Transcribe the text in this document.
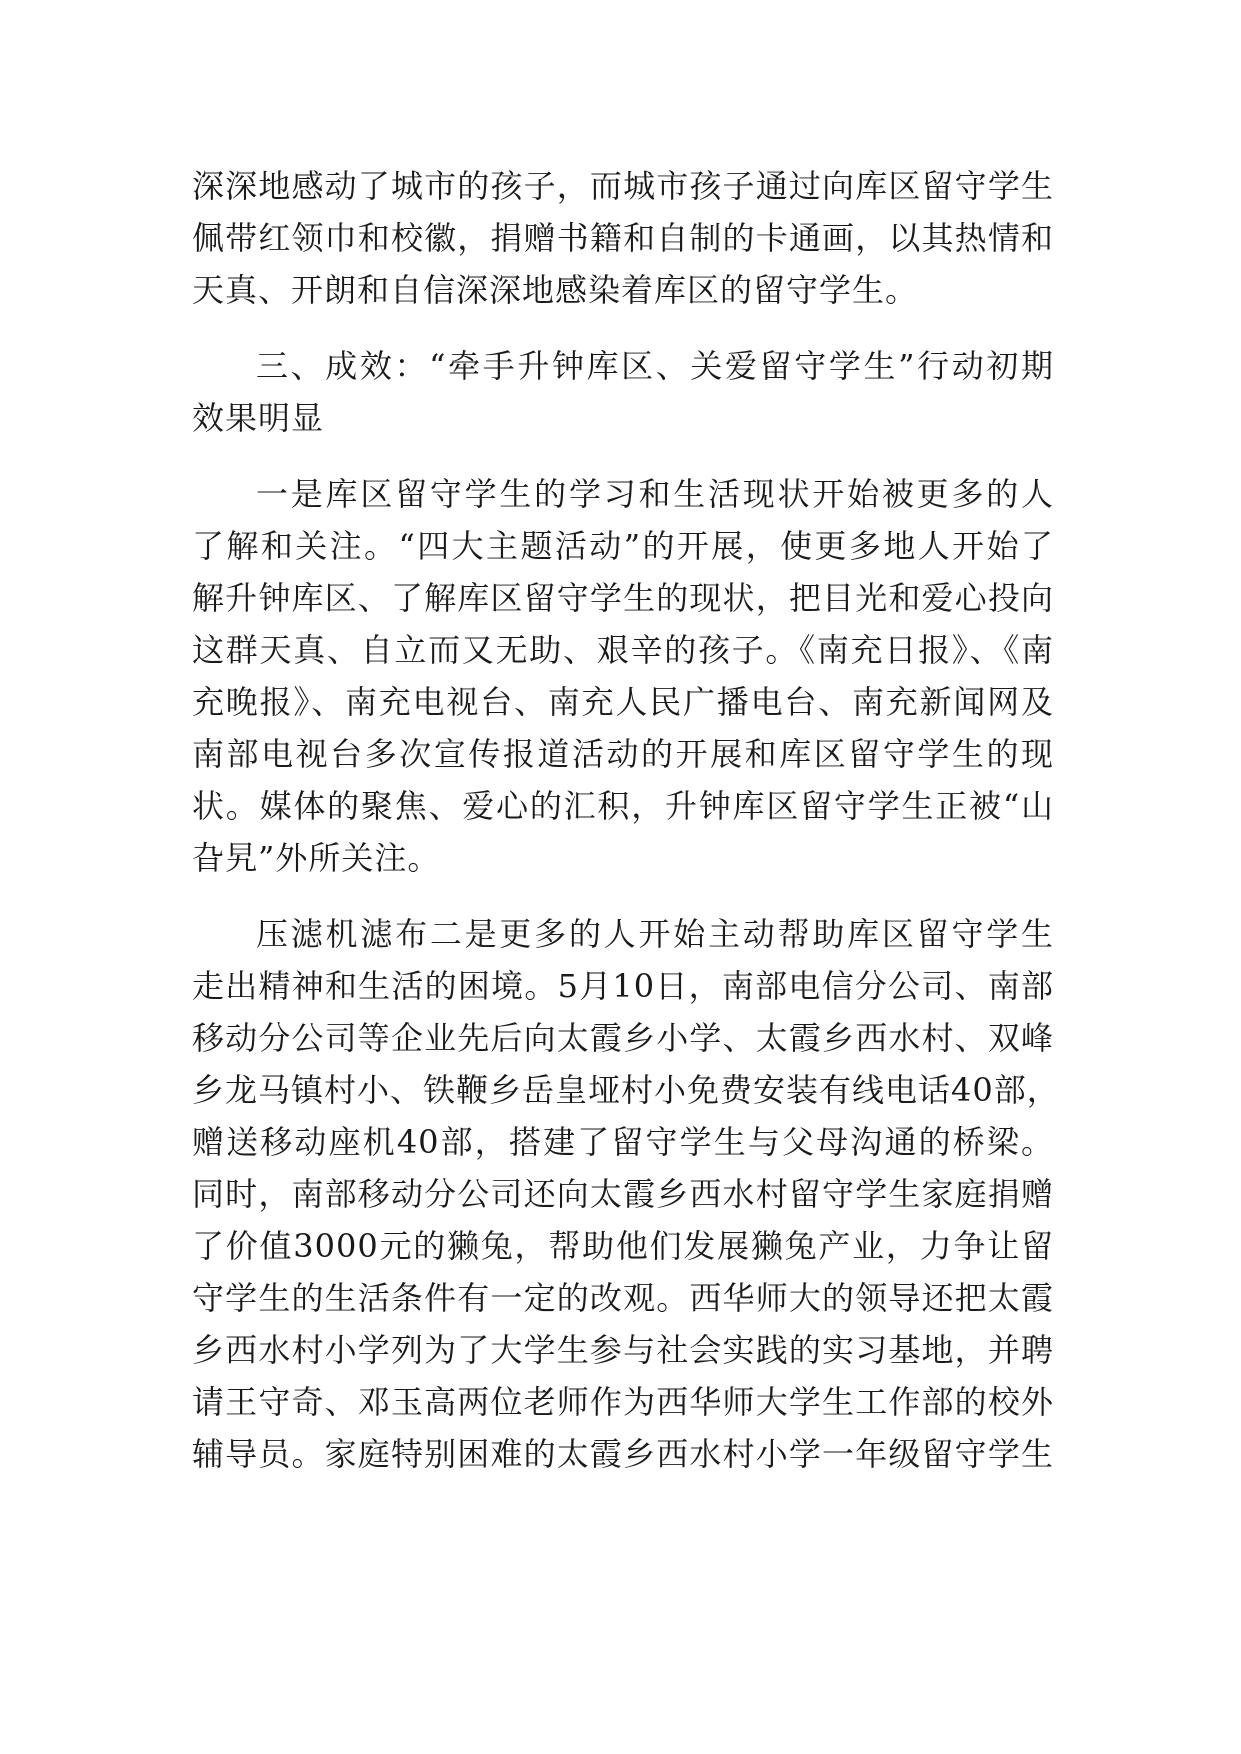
深深地感动了城市的孩子，而城市孩子通过向库区留守学生
佩带红领巾和校徽，捐赠书籍和自制的卡通画，以其热情和
天真、开朗和自信深深地感染着库区的留守学生。
三、成效：“牵手升钟库区、关爱留守学生”行动初期
效果明显
一是库区留守学生的学习和生活现状开始被更多的人
了解和关注。“四大主题活动”的开展，使更多地人开始了
解升钟库区、了解库区留守学生的现状，把目光和爱心投向
这群天真、自立而又无助、艰辛的孩子。《南充日报》、《南
充晚报》、南充电视台、南充人民广播电台、南充新闻网及
南部电视台多次宣传报道活动的开展和库区留守学生的现
状。媒体的聚焦、爱心的汇积，升钟库区留守学生正被“山
旮旯”外所关注。
压滤机滤布二是更多的人开始主动帮助库区留守学生
走出精神和生活的困境。5月10日，南部电信分公司、南部
移动分公司等企业先后向太霞乡小学、太霞乡西水村、双峰
乡龙马镇村小、铁鞭乡岳皇垭村小免费安装有线电话40部，
赠送移动座机40部，搭建了留守学生与父母沟通的桥梁。
同时，南部移动分公司还向太霞乡西水村留守学生家庭捐赠
了价值3000元的獭兔，帮助他们发展獭兔产业，力争让留
守学生的生活条件有一定的改观。西华师大的领导还把太霞
乡西水村小学列为了大学生参与社会实践的实习基地，并聘
请王守奇、邓玉高两位老师作为西华师大学生工作部的校外
辅导员。家庭特别困难的太霞乡西水村小学一年级留守学生
